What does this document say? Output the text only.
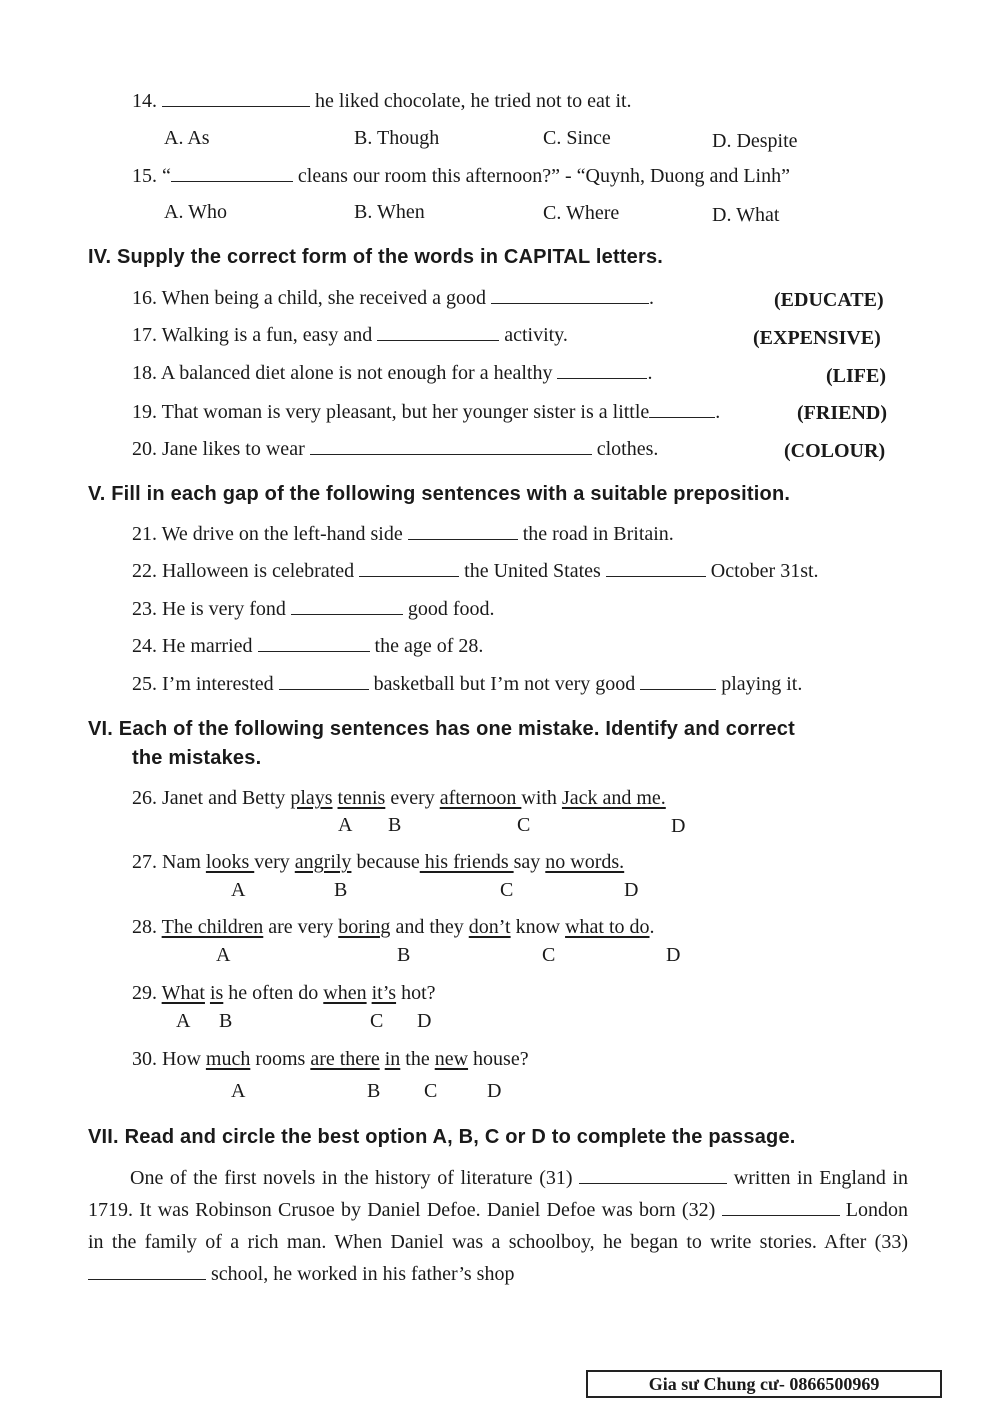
14.	he liked chocolate, he tried not to eat it.
A. As	B. Though	C. Since	D. Despite
15. “	cleans our room this afternoon?” - “Quynh, Duong and Linh”
A. Who	B. When	C. Where	D. What
IV. Supply the correct form of the words in CAPITAL letters.
16. When being a child, she received a good	.	(EDUCATE)
17. Walking is a fun, easy and	activity.	(EXPENSIVE)
18. A balanced diet alone is not enough for a healthy	.	(LIFE)
19. That woman is very pleasant, but her younger sister is a little	.	(FRIEND)
20. Jane likes to wear	clothes.	(COLOUR)
V. Fill in each gap of the following sentences with a suitable preposition.
21. We drive on the left-hand side	the road in Britain.
22. Halloween is celebrated	the United States	October 31st.
23. He is very fond	good food.
24. He married	the age of 28.
25. I’m interested	basketball but I’m not very good	playing it.
VI. Each of the following sentences has one mistake. Identify and correct
the mistakes.
26. Janet and Betty plays tennis every afternoon with Jack and me.
A B	C	D
27. Nam looks very angrily because his friends say no words.
A	B	C	D
28. The children are very boring and they don’t know what to do.
A	B	C	D
29. What is he often do when it’s hot?
A B	C D
30. How much rooms are there in the new house?
A	B C D
VII. Read and circle the best option A, B, C or D to complete the passage.
One of the first novels in the history of literature (31)	written in England in 1719. It was Robinson Crusoe by Daniel Defoe. Daniel Defoe was born (32)	London in the family of a rich man. When Daniel was a schoolboy, he began to write stories. After (33)  school, he worked in his father’s shop
Gia sư Chung cư- 0866500969
